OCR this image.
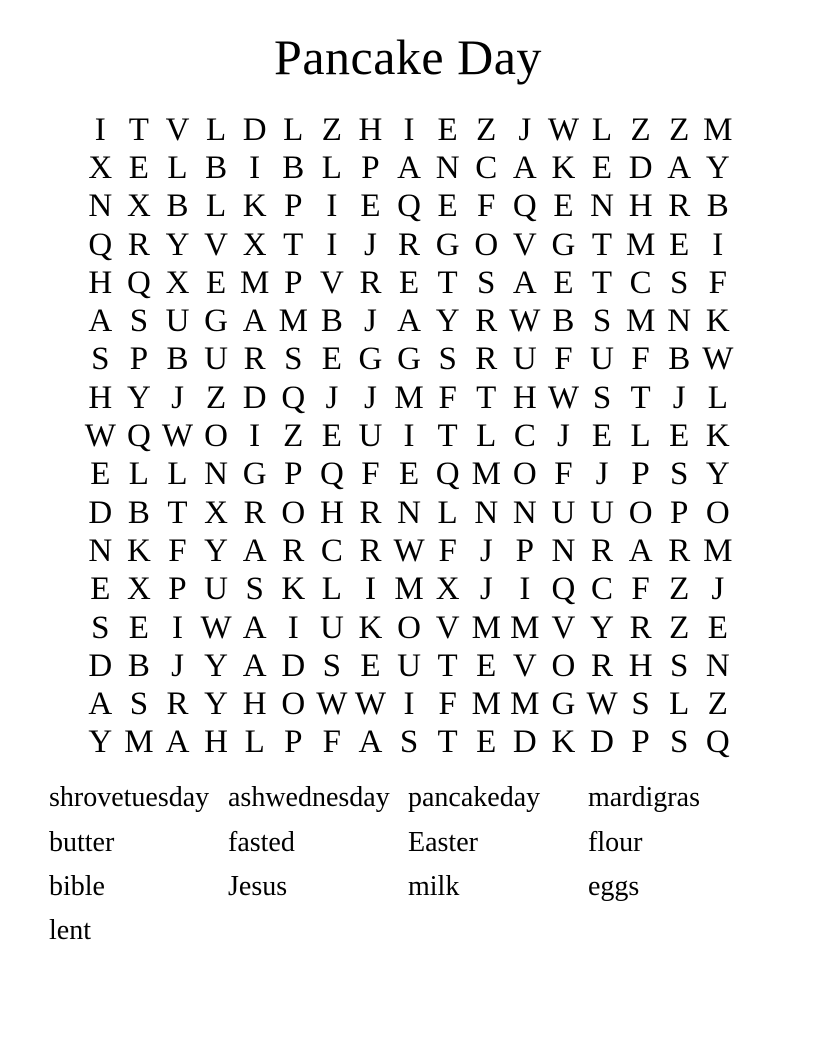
Pancake Day
I T V L D L Z H I E Z J W L Z Z M
X E L B I B L P A N C A K E D A Y
N X B L K P I E Q E F Q E N H R B
Q R Y V X T I J R G O V G T M E I
H Q X E M P V R E T S A E T C S F
A S U G A M B J A Y R W B S M N K
S P B U R S E G G S R U F U F B W
H Y J Z D Q J J M F T H W S T J L
W Q W O I Z E U I T L C J E L E K
E L L N G P Q F E Q M O F J P S Y
D B T X R O H R N L N N U U O P O
N K F Y A R C R W F J P N R A R M
E X P U S K L I M X J I Q C F Z J
S E I W A I U K O V M M V Y R Z E
D B J Y A D S E U T E V O R H S N
A S R Y H O W W I F M M G W S L Z
Y M A H L P F A S T E D K D P S Q
shrovetuesday ashwednesday pancakeday	mardigras
butter	fasted	Easter	flour
bible	Jesus	milk	eggs
lent
